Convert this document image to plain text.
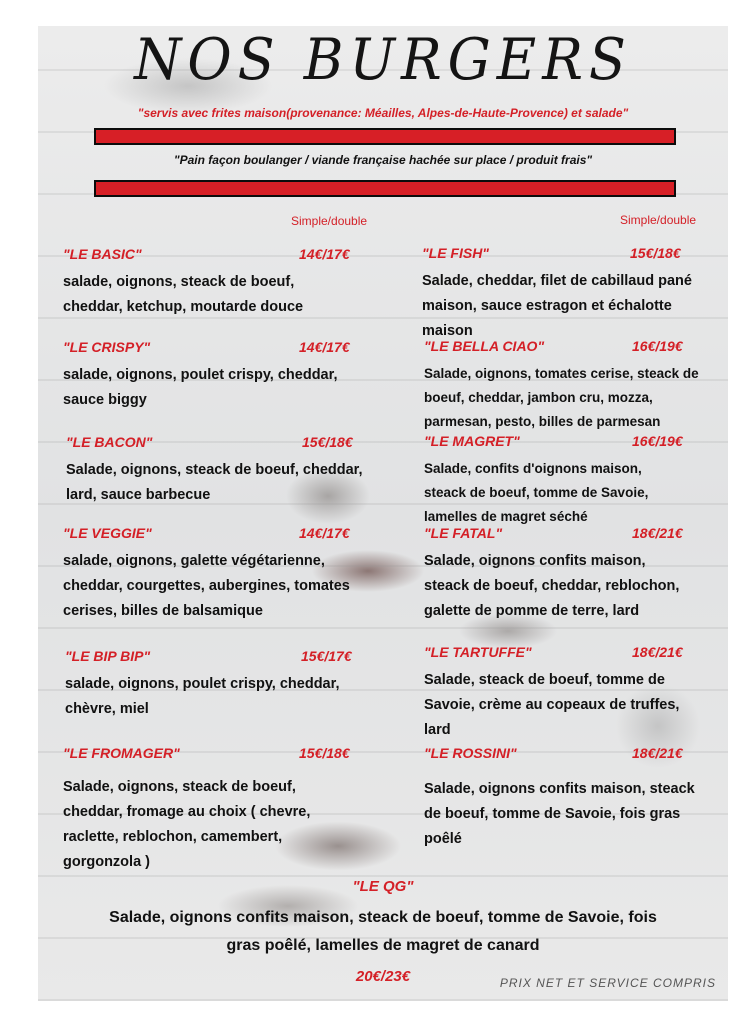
NOS BURGERS
"servis avec frites maison(provenance: Méailles, Alpes-de-Haute-Provence) et salade"
"Pain façon boulanger / viande française hachée sur place / produit frais"
Simple/double	Simple/double
"LE BASIC"	14€/17€
salade, oignons, steack de boeuf, cheddar, ketchup, moutarde douce
"LE CRISPY"	14€/17€
salade, oignons, poulet crispy, cheddar, sauce biggy
"LE BACON"	15€/18€
Salade, oignons, steack de boeuf, cheddar, lard, sauce barbecue
"LE VEGGIE"	14€/17€
salade, oignons, galette végétarienne, cheddar, courgettes, aubergines, tomates cerises, billes de balsamique
"LE BIP BIP"	15€/17€
salade, oignons, poulet crispy, cheddar, chèvre, miel
"LE FROMAGER"	15€/18€
Salade, oignons, steack de boeuf, cheddar, fromage au choix ( chevre, raclette, reblochon, camembert, gorgonzola )
"LE FISH"	15€/18€
Salade, cheddar, filet de cabillaud pané maison, sauce estragon et échalotte maison
"LE BELLA CIAO"	16€/19€
Salade, oignons, tomates cerise, steack de boeuf, cheddar, jambon cru, mozza, parmesan, pesto, billes de parmesan
"LE MAGRET"	16€/19€
Salade, confits d'oignons maison, steack de boeuf, tomme de Savoie, lamelles de magret séché
"LE FATAL"	18€/21€
Salade, oignons confits maison, steack de boeuf, cheddar, reblochon, galette de pomme de terre, lard
"LE TARTUFFE"	18€/21€
Salade, steack de boeuf, tomme de Savoie, crème au copeaux de truffes, lard
"LE ROSSINI"	18€/21€
Salade, oignons confits maison, steack de boeuf, tomme de Savoie, fois gras poêlé
"LE QG"
Salade, oignons confits maison, steack de boeuf, tomme de Savoie, fois gras poêlé, lamelles de magret de canard
20€/23€	PRIX NET ET SERVICE COMPRIS
